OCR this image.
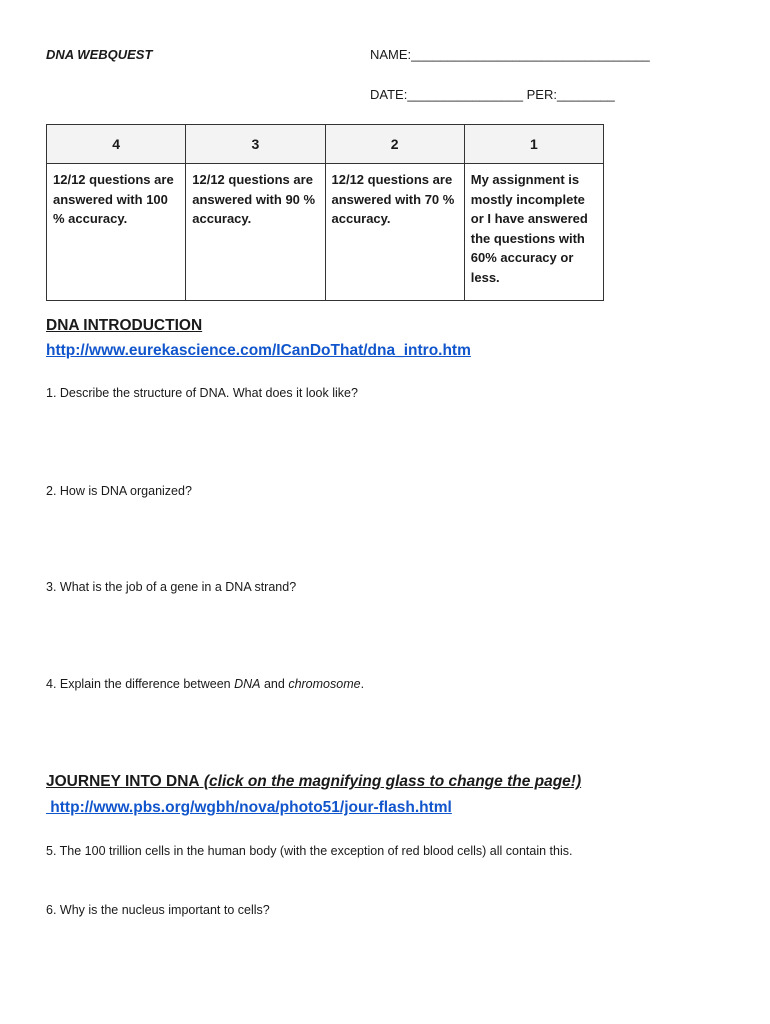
DNA WEBQUEST	NAME:_________________________________
DATE:________________ PER:________
4	3	2	1
12/12 questions are answered with 100 % accuracy.	12/12 questions are answered with 90 % accuracy.	12/12 questions are answered with 70 % accuracy.	My assignment is mostly incomplete or I have answered the questions with 60% accuracy or less.
DNA INTRODUCTION
http://www.eurekascience.com/ICanDoThat/dna_intro.htm
1. Describe the structure of DNA. What does it look like?
2. How is DNA organized?
3. What is the job of a gene in a DNA strand?
4. Explain the difference between DNA and chromosome.
JOURNEY INTO DNA (click on the magnifying glass to change the page!)
http://www.pbs.org/wgbh/nova/photo51/jour-flash.html
5. The 100 trillion cells in the human body (with the exception of red blood cells) all contain this.
6. Why is the nucleus important to cells?
